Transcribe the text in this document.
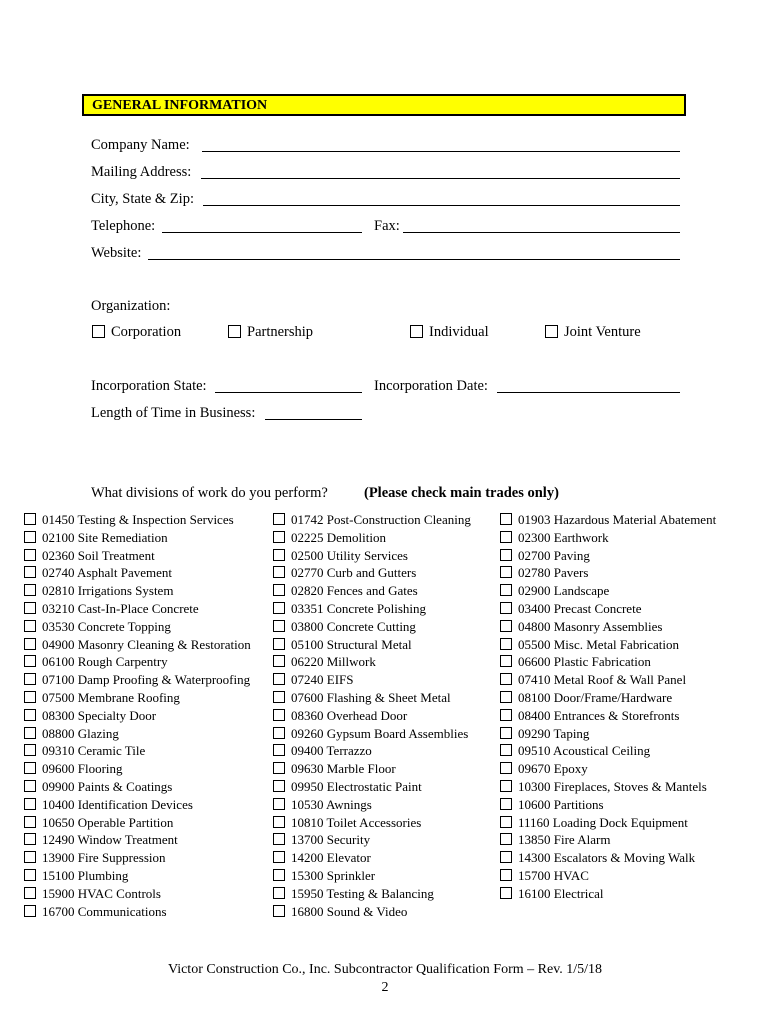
GENERAL INFORMATION
Company Name:
Mailing Address:
City, State & Zip:
Telephone:	Fax:
Website:
Organization:
Corporation	Partnership	Individual	Joint Venture
Incorporation State:	Incorporation Date:
Length of Time in Business:
What divisions of work do you perform? (Please check main trades only)
01450 Testing & Inspection Services
02100 Site Remediation
02360 Soil Treatment
02740 Asphalt Pavement
02810 Irrigations System
03210 Cast-In-Place Concrete
03530 Concrete Topping
04900 Masonry Cleaning & Restoration
06100 Rough Carpentry
07100 Damp Proofing & Waterproofing
07500 Membrane Roofing
08300 Specialty Door
08800 Glazing
09310 Ceramic Tile
09600 Flooring
09900 Paints & Coatings
10400 Identification Devices
10650 Operable Partition
12490 Window Treatment
13900 Fire Suppression
15100 Plumbing
15900 HVAC Controls
16700 Communications
01742 Post-Construction Cleaning
02225 Demolition
02500 Utility Services
02770 Curb and Gutters
02820 Fences and Gates
03351 Concrete Polishing
03800 Concrete Cutting
05100 Structural Metal
06220 Millwork
07240 EIFS
07600 Flashing & Sheet Metal
08360 Overhead Door
09260 Gypsum Board Assemblies
09400 Terrazzo
09630 Marble Floor
09950 Electrostatic Paint
10530 Awnings
10810 Toilet Accessories
13700 Security
14200 Elevator
15300 Sprinkler
15950 Testing & Balancing
16800 Sound & Video
01903 Hazardous Material Abatement
02300 Earthwork
02700 Paving
02780 Pavers
02900 Landscape
03400 Precast Concrete
04800 Masonry Assemblies
05500 Misc. Metal Fabrication
06600 Plastic Fabrication
07410 Metal Roof & Wall Panel
08100 Door/Frame/Hardware
08400 Entrances & Storefronts
09290 Taping
09510 Acoustical Ceiling
09670 Epoxy
10300 Fireplaces, Stoves & Mantels
10600 Partitions
11160 Loading Dock Equipment
13850 Fire Alarm
14300 Escalators & Moving Walk
15700 HVAC
16100 Electrical
Victor Construction Co., Inc. Subcontractor Qualification Form – Rev. 1/5/18
2
